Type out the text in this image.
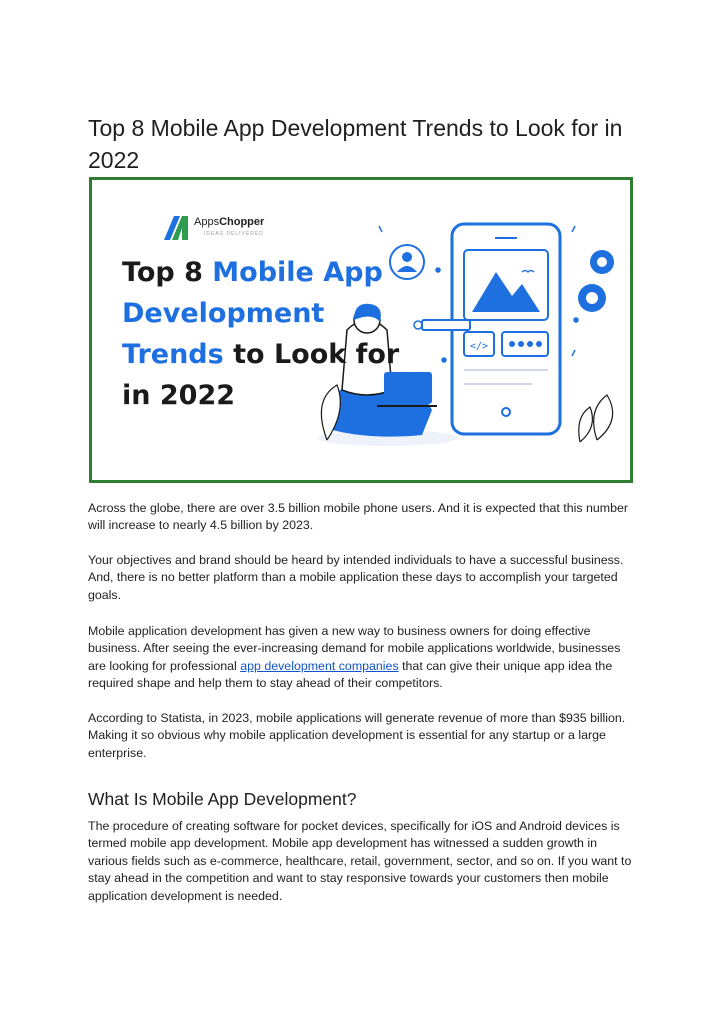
Top 8 Mobile App Development Trends to Look for in 2022
</>
AppsChopper
IDEAS DELIVERED
Top 8 Mobile App Development Trends to Look for in 2022

Across the globe, there are over 3.5 billion mobile phone users. And it is expected that this number will increase to nearly 4.5 billion by 2023.

Your objectives and brand should be heard by intended individuals to have a successful business. And, there is no better platform than a mobile application these days to accomplish your targeted goals.

Mobile application development has given a new way to business owners for doing effective business. After seeing the ever-increasing demand for mobile applications worldwide, businesses are looking for professional app development companies that can give their unique app idea the required shape and help them to stay ahead of their competitors.

According to Statista, in 2023, mobile applications will generate revenue of more than $935 billion. Making it so obvious why mobile application development is essential for any startup or a large enterprise.

What Is Mobile App Development?

The procedure of creating software for pocket devices, specifically for iOS and Android devices is termed mobile app development. Mobile app development has witnessed a sudden growth in various fields such as e-commerce, healthcare, retail, government, sector, and so on. If you want to stay ahead in the competition and want to stay responsive towards your customers then mobile application development is needed.
